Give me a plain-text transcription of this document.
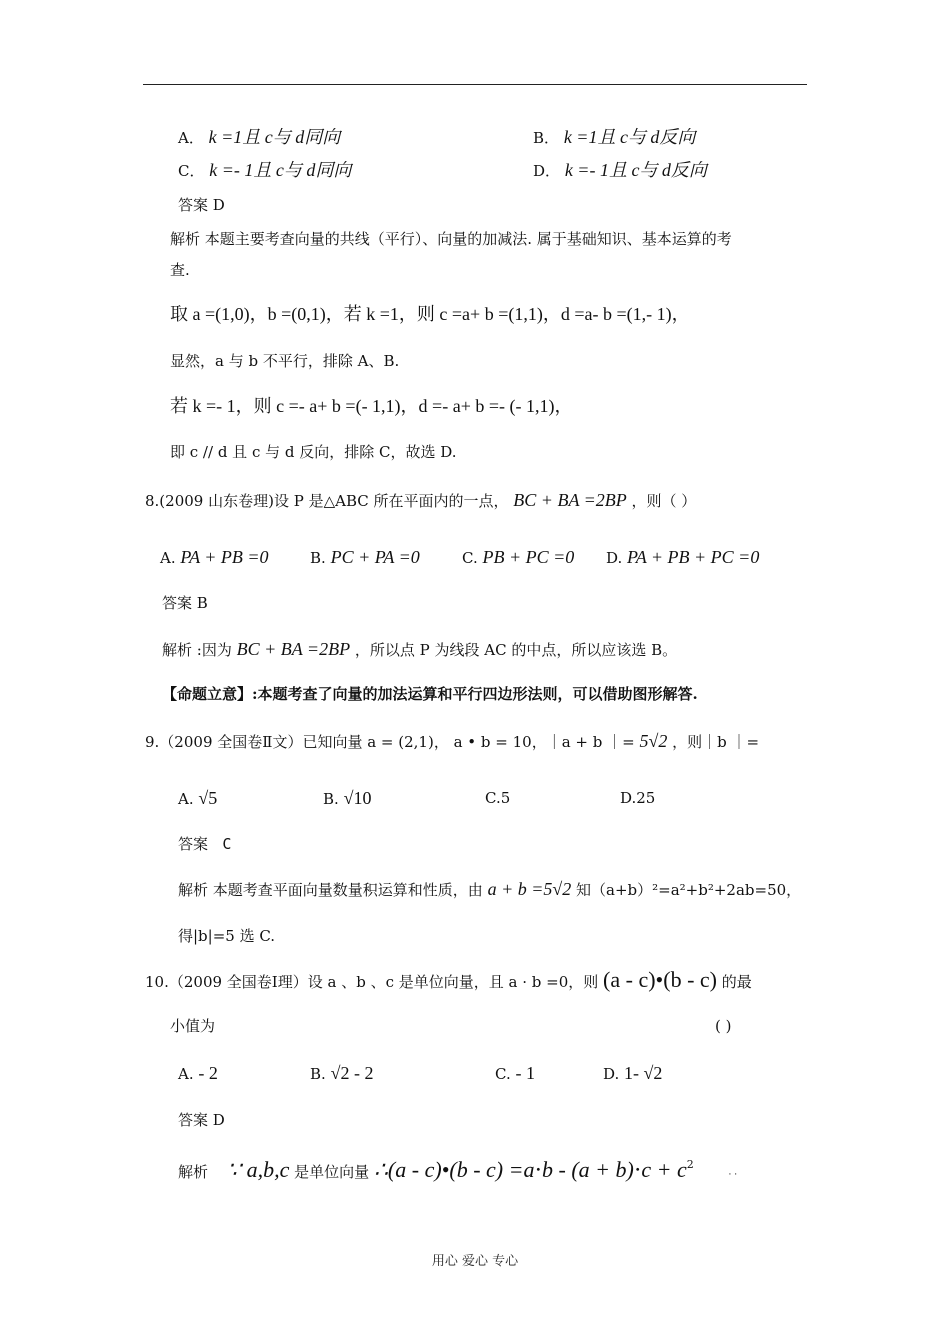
A． k =1且 c与 d同向	B． k =1且 c与 d反向
C． k =- 1且 c与 d同向	D． k =- 1且 c与 d反向
答案 D
解析 本题主要考查向量的共线（平行）、向量的加减法. 属于基础知识、基本运算的考
查.
取 a =(1,0)，b =(0,1)，若 k =1，则 c =a+ b =(1,1)，d =a- b =(1,- 1)，
显然，a 与 b 不平行，排除 A、B.
若 k =- 1，则 c =- a+ b =(- 1,1)，d =- a+ b =- (- 1,1)，
即 c // d 且 c 与 d 反向，排除 C，故选 D.
8.(2009 山东卷理)设 P 是△ABC 所在平面内的一点， BC + BA =2BP ，则（ ）
A. PA + PB =0	B. PC + PA =0	C. PB + PC =0 D. PA + PB + PC =0
答案 B
解析 :因为 BC + BA =2BP ，所以点 P 为线段 AC 的中点，所以应该选 B。
【命题立意】:本题考查了向量的加法运算和平行四边形法则，可以借助图形解答.
9.（2009 全国卷Ⅱ文）已知向量 a = (2,1)， a • b = 10，｜a + b ｜= 5√2 ，则｜b ｜=
A. √5	B. √10	C.5	D.25
答案 C
解析 本题考查平面向量数量积运算和性质，由 a + b =5√2 知（a+b）²=a²+b²+2ab=50，
得|b|=5 选 C.
10.（2009 全国卷Ⅰ理）设 a 、b 、c 是单位向量，且 a · b =0，则 (a - c)•(b - c) 的最
小值为	( )
A. - 2	B. √2 - 2	C. - 1	D. 1- √2
答案 D
解析 ∵ a,b,c 是单位向量 ∴(a - c)•(b - $c) =a\cdot b - (a + b)\cdot c + c^2$ · ·
用心 爱心 专心
